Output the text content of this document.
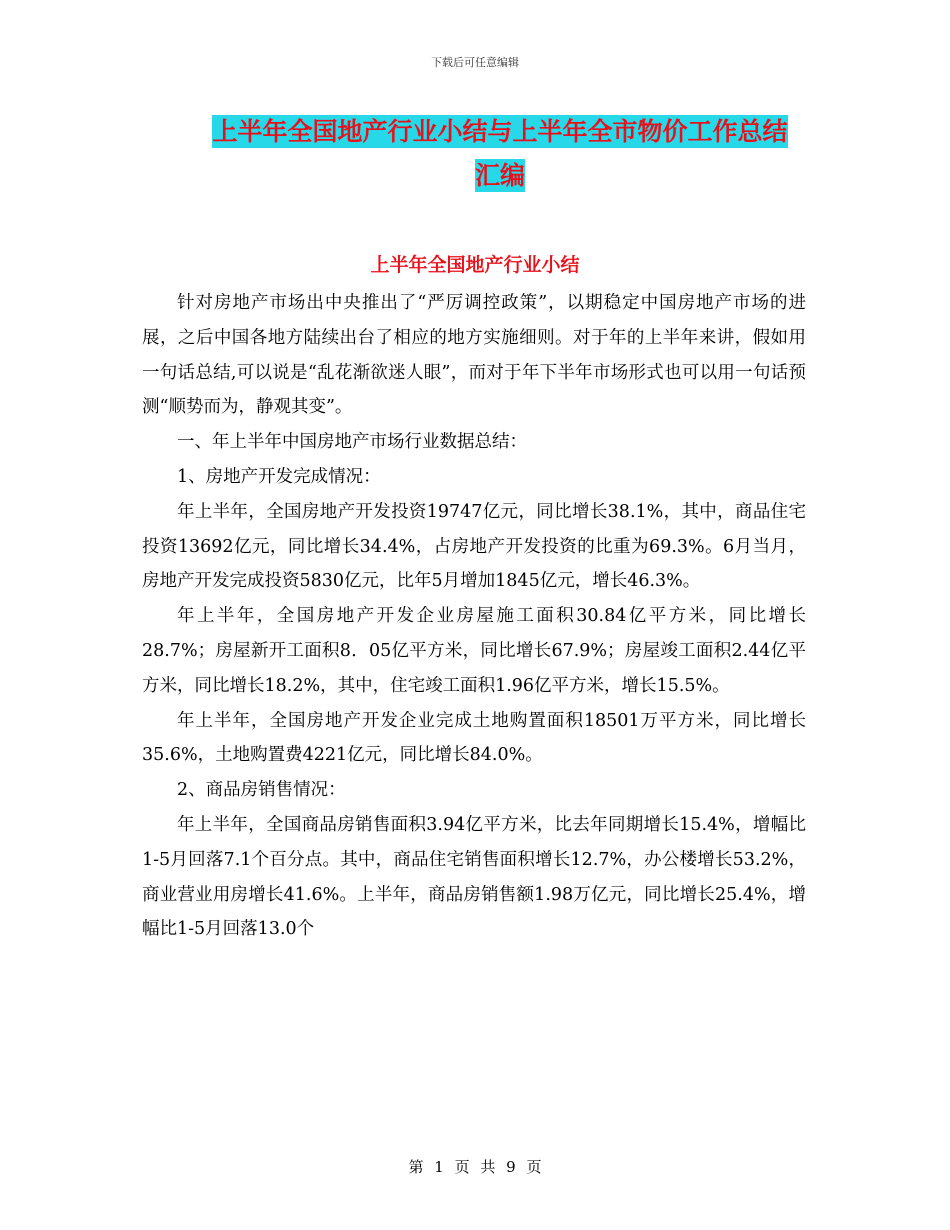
下载后可任意编辑
上半年全国地产行业小结与上半年全市物价工作总结
汇编
上半年全国地产行业小结

针对房地产市场出中央推出了“严厉调控政策”，以期稳定中国房地产市场的进展，之后中国各地方陆续出台了相应的地方实施细则。对于年的上半年来讲，假如用一句话总结,可以说是“乱花渐欲迷人眼”，而对于年下半年市场形式也可以用一句话预测“顺势而为，静观其变”。

一、年上半年中国房地产市场行业数据总结：

1、房地产开发完成情况：

年上半年，全国房地产开发投资19747亿元，同比增长38.1%，其中，商品住宅投资13692亿元，同比增长34.4%，占房地产开发投资的比重为69.3%。6月当月，房地产开发完成投资5830亿元，比年5月增加1845亿元，增长46.3%。

年上半年，全国房地产开发企业房屋施工面积30.84亿平方米，同比增长28.7%；房屋新开工面积8．05亿平方米，同比增长67.9%；房屋竣工面积2.44亿平方米，同比增长18.2%，其中，住宅竣工面积1.96亿平方米，增长15.5%。

年上半年，全国房地产开发企业完成土地购置面积18501万平方米，同比增长35.6%，土地购置费4221亿元，同比增长84.0%。

2、商品房销售情况：

年上半年，全国商品房销售面积3.94亿平方米，比去年同期增长15.4%，增幅比1-5月回落7.1个百分点。其中，商品住宅销售面积增长12.7%，办公楼增长53.2%，商业营业用房增长41.6%。上半年，商品房销售额1.98万亿元，同比增长25.4%，增幅比1-5月回落13.0个

第 1 页 共 9 页
